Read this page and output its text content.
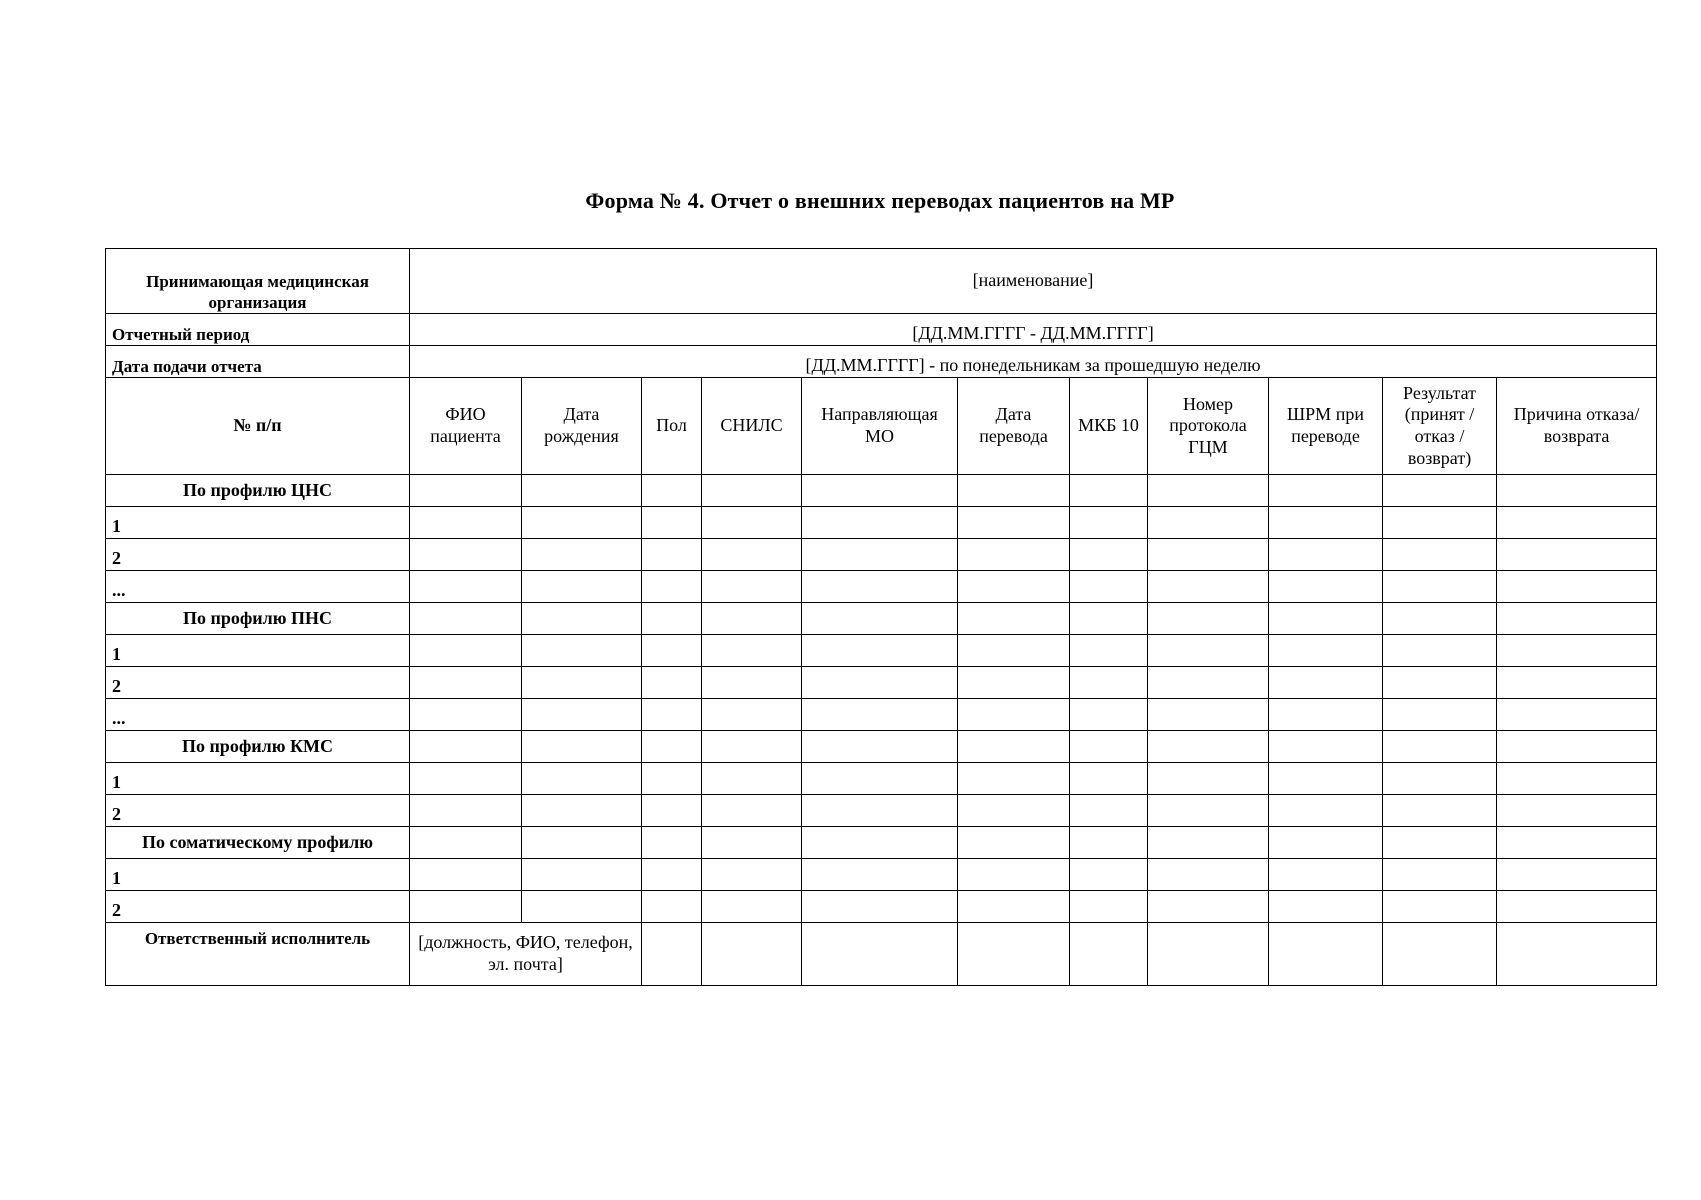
Форма № 4. Отчет о внешних переводах пациентов на МР
Принимающая медицинская организация	[наименование]										
Отчетный период	[ДД.ММ.ГГГГ - ДД.ММ.ГГГГ]										
Дата подачи отчета	[ДД.ММ.ГГГГ] - по понедельникам за прошедшую неделю										
№ п/п	ФИО пациента	Дата рождения	Пол	СНИЛС	Направляющая МО	Дата перевода	МКБ 10	Номер протокола ГЦМ	ШРМ при переводе	Результат (принят / отказ / возврат)	Причина отказа/возврата
По профилю ЦНС											
1											
2											
...											
По профилю ПНС											
1											
2											
...											
По профилю КМС											
1											
2											
По соматическому профилю											
1											
2											
Ответственный исполнитель	[должность, ФИО, телефон, эл. почта]										
